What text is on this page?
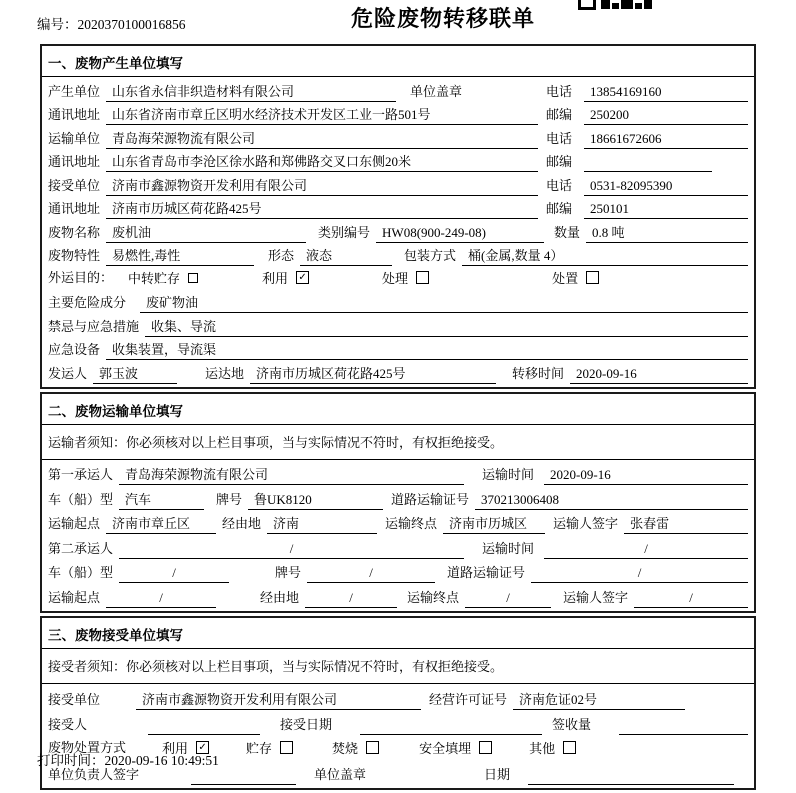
编号：2020370100016856	危险废物转移联单
一、废物产生单位填写
产生单位 山东省永信非织造材料有限公司	单位盖章	电话	13854169160
通讯地址 山东省济南市章丘区明水经济技术开发区工业一路501号	邮编	250200
运输单位 青岛海荣源物流有限公司	电话	18661672606
通讯地址 山东省青岛市李沧区徐水路和郑佛路交叉口东侧20米	邮编
接受单位 济南市鑫源物资开发利用有限公司	电话	0531-82095390
通讯地址 济南市历城区荷花路425号	邮编	250101
废物名称 废机油	类别编号 HW08(900-249-08)	数量 0.8 吨
废物特性 易燃性,毒性	形态 液态	包装方式 桶(金属,数量 4）
外运目的： 中转贮存	利用 ✓	处理	处置
主要危险成分	废矿物油
禁忌与应急措施 收集、导流
应急设备 收集装置，导流渠
发运人 郭玉波	运达地 济南市历城区荷花路425号	转移时间 2020-09-16
二、废物运输单位填写
运输者须知：你必须核对以上栏目事项，当与实际情况不符时，有权拒绝接受。
第一承运人 青岛海荣源物流有限公司	运输时间	2020-09-16
车（船）型 汽车	牌号 鲁UK8120	道路运输证号 370213006408
运输起点 济南市章丘区	经由地 济南	运输终点 济南市历城区	运输人签字 张春雷
第二承运人	/	运输时间	/
车（船）型	/	牌号	/	道路运输证号	/
运输起点	/	经由地	/	运输终点	/	运输人签字	/
三、废物接受单位填写
接受者须知：你必须核对以上栏目事项，当与实际情况不符时，有权拒绝接受。
接受单位	济南市鑫源物资开发利用有限公司	经营许可证号 济南危证02号
接受人	接受日期	签收量
废物处置方式	利用 ✓	贮存	焚烧	安全填埋	其他
单位负责人签字	单位盖章	日期
打印时间：2020-09-16 10:49:51
